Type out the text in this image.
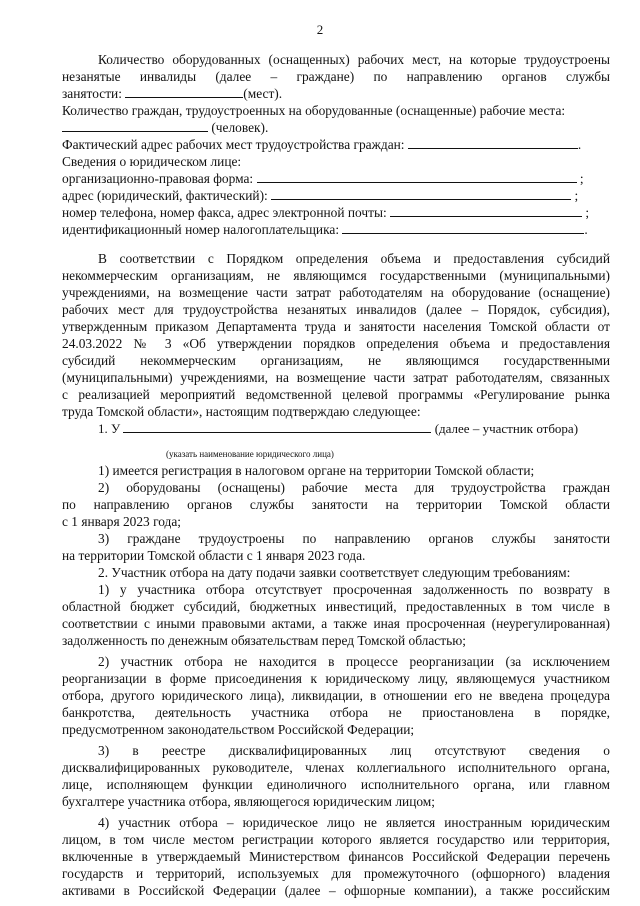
2
Количество оборудованных (оснащенных) рабочих мест, на которые трудоустроены
незанятые инвалиды (далее – граждане) по направлению органов службы
занятости:	(мест).
Количество граждан, трудоустроенных на оборудованные (оснащенные) рабочие места:
(человек).
Фактический адрес рабочих мест трудоустройства граждан:	.
Сведения о юридическом лице:
организационно-правовая форма:	;
адрес (юридический, фактический):	;
номер телефона, номер факса, адрес электронной почты:	;
идентификационный номер налогоплательщика:	.
В соответствии с Порядком определения объема и предоставления субсидий
некоммерческим организациям, не являющимся государственными (муниципальными)
учреждениями, на возмещение части затрат работодателям на оборудование (оснащение)
рабочих мест для трудоустройства незанятых инвалидов (далее – Порядок, субсидия),
утвержденным приказом Департамента труда и занятости населения Томской области от
24.03.2022 № 3 «Об утверждении порядков определения объема и предоставления
субсидий некоммерческим организациям, не являющимся государственными
(муниципальными) учреждениями, на возмещение части затрат работодателям, связанных
с реализацией мероприятий ведомственной целевой программы «Регулирование рынка
труда Томской области», настоящим подтверждаю следующее:
1. У	(далее – участник отбора)
(указать наименование юридического лица)
1) имеется регистрация в налоговом органе на территории Томской области;
2) оборудованы (оснащены) рабочие места для трудоустройства граждан
по направлению органов службы занятости на территории Томской области
с 1 января 2023 года;
3) граждане трудоустроены по направлению органов службы занятости
на территории Томской области с 1 января 2023 года.
2. Участник отбора на дату подачи заявки соответствует следующим требованиям:
1) у участника отбора отсутствует просроченная задолженность по возврату в
областной бюджет субсидий, бюджетных инвестиций, предоставленных в том числе в
соответствии с иными правовыми актами, а также иная просроченная (неурегулированная)
задолженность по денежным обязательствам перед Томской областью;
2) участник отбора не находится в процессе реорганизации (за исключением
реорганизации в форме присоединения к юридическому лицу, являющемуся участником
отбора, другого юридического лица), ликвидации, в отношении его не введена процедура
банкротства, деятельность участника отбора не приостановлена в порядке,
предусмотренном законодательством Российской Федерации;
3) в реестре дисквалифицированных лиц отсутствуют сведения о
дисквалифицированных руководителе, членах коллегиального исполнительного органа,
лице, исполняющем функции единоличного исполнительного органа, или главном
бухгалтере участника отбора, являющегося юридическим лицом;
4) участник отбора – юридическое лицо не является иностранным юридическим
лицом, в том числе местом регистрации которого является государство или территория,
включенные в утверждаемый Министерством финансов Российской Федерации перечень
государств и территорий, используемых для промежуточного (офшорного) владения
активами в Российской Федерации (далее – офшорные компании), а также российским
